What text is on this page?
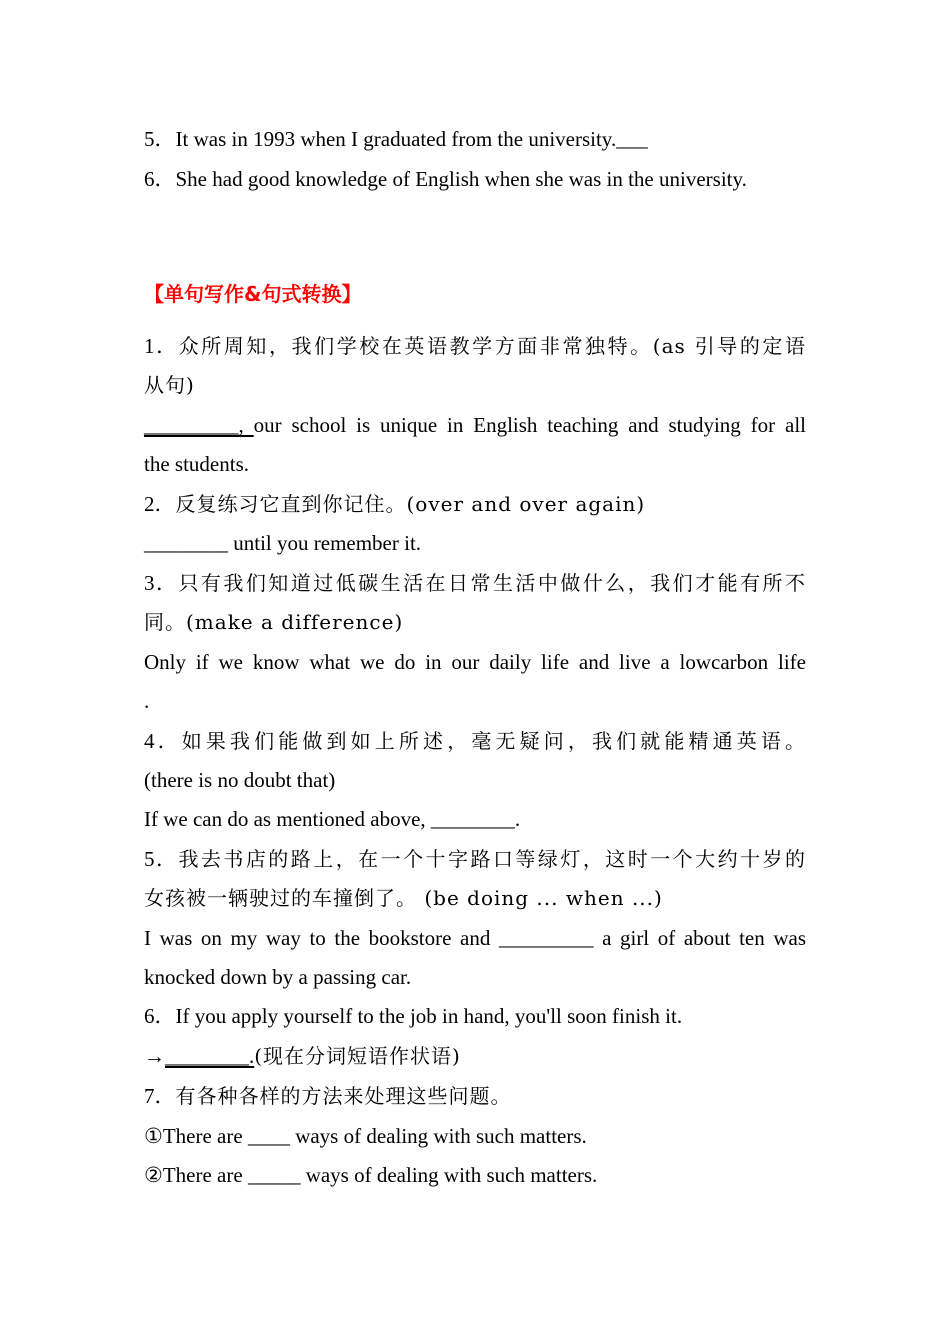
5．It was in 1993 when I graduated from the university.___
6．She had good knowledge of English when she was in the university.
【单句写作&句式转换】
1．众所周知，我们学校在英语教学方面非常独特。(as 引导的定语
从句)
_________, our school is unique in English teaching and studying for all
the students.
2．反复练习它直到你记住。(over and over again)
________ until you remember it.
3．只有我们知道过低碳生活在日常生活中做什么，我们才能有所不
同。(make a difference)
Only if we know what we do in our daily life and live a lowcarbon life
.
4．如果我们能做到如上所述，毫无疑问，我们就能精通英语。
(there is no doubt that)
If we can do as mentioned above, ________.
5．我去书店的路上，在一个十字路口等绿灯，这时一个大约十岁的
女孩被一辆驶过的车撞倒了。 (be doing ... when ...)
I was on my way to the bookstore and _________ a girl of about ten was
knocked down by a passing car.
6．If you apply yourself to the job in hand, you'll soon finish it.
→________.(现在分词短语作状语)
7．有各种各样的方法来处理这些问题。
①There are ____ ways of dealing with such matters.
②There are _____ ways of dealing with such matters.
